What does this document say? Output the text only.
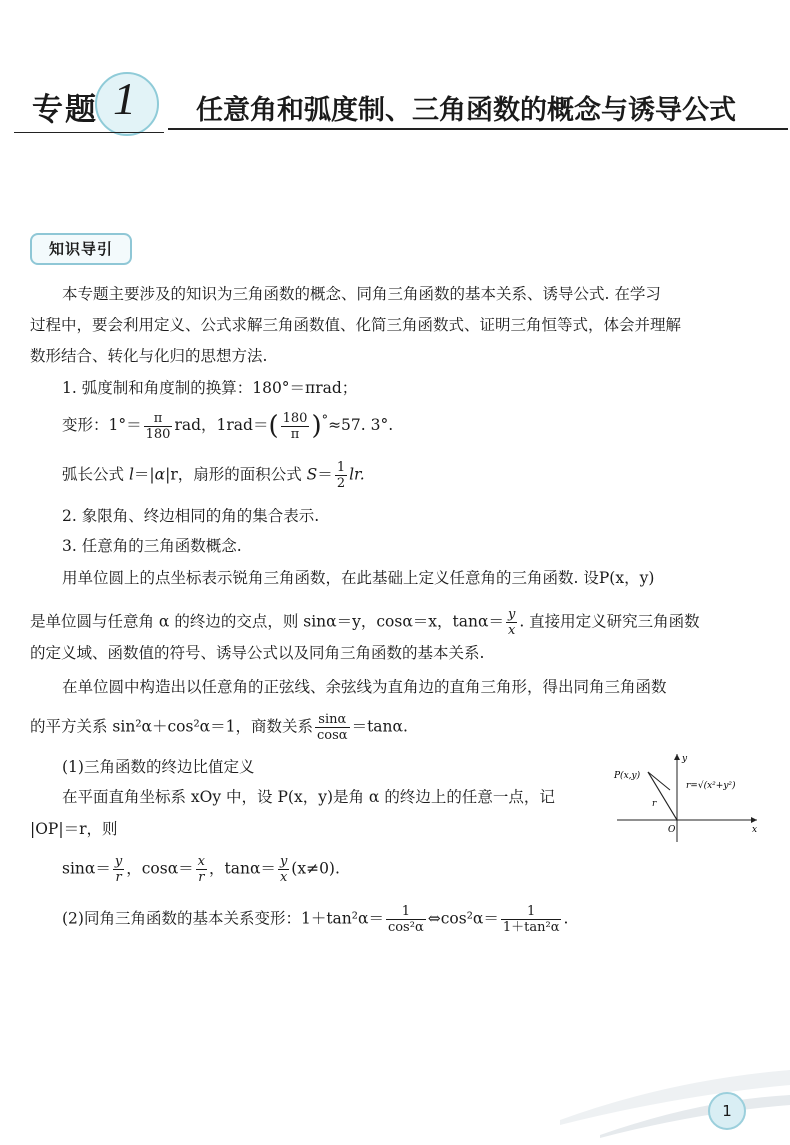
专题 1 任意角和弧度制、三角函数的概念与诱导公式
知识导引
本专题主要涉及的知识为三角函数的概念、同角三角函数的基本关系、诱导公式. 在学习
过程中，要会利用定义、公式求解三角函数值、化简三角函数式、证明三角恒等式，体会并理解
数形结合、转化与化归的思想方法.
1. 弧度制和角度制的换算：180°＝πrad；
变形：$1^\circ= \frac{\pi}{180}$ rad，$1rad=( \frac{180}{\pi} )^\circ\approx 57$. 3°.
弧长公式 l＝|α|r，扇形的面积公式 $S= \frac{1}{2}$ lr.
2. 象限角、终边相同的角的集合表示.
3. 任意角的三角函数概念.
用单位圆上的点坐标表示锐角三角函数，在此基础上定义任意角的三角函数. 设P(x，y)
是单位圆与任意角 α 的终边的交点，则 sinα＝y，cosα＝x，$\tan\alpha= \frac{y}{x}$ . 直接用定义研究三角函数
的定义域、函数值的符号、诱导公式以及同角三角函数的基本关系.
在单位圆中构造出以任意角的正弦线、余弦线为直角边的直角三角形，得出同角三角函数
的平方关系 sin²α＋cos²α＝1，商数关系 $\frac{\sin\alpha}{\cos\alpha} =\tan\alpha$.
(1)三角函数的终边比值定义
在平面直角坐标系 xOy 中，设 P(x，y)是角 α 的终边上的任意一点，记
|OP|＝r，则
$\sin\alpha= \frac{y}{r}$ ，$\cos\alpha= \frac{x}{r}$ ，$\tan\alpha= \frac{y}{x} (x\ne 0)$.
(2)同角三角函数的基本关系变形：$1+\tan^2\alpha= \frac{1}{\text{cos²α}}$ ⇔cos²α＝ $\frac{1}{\text{1＋tan²α}}$ .
P(x,y)
r
r=√(x²+y²)
O	x
y
1
